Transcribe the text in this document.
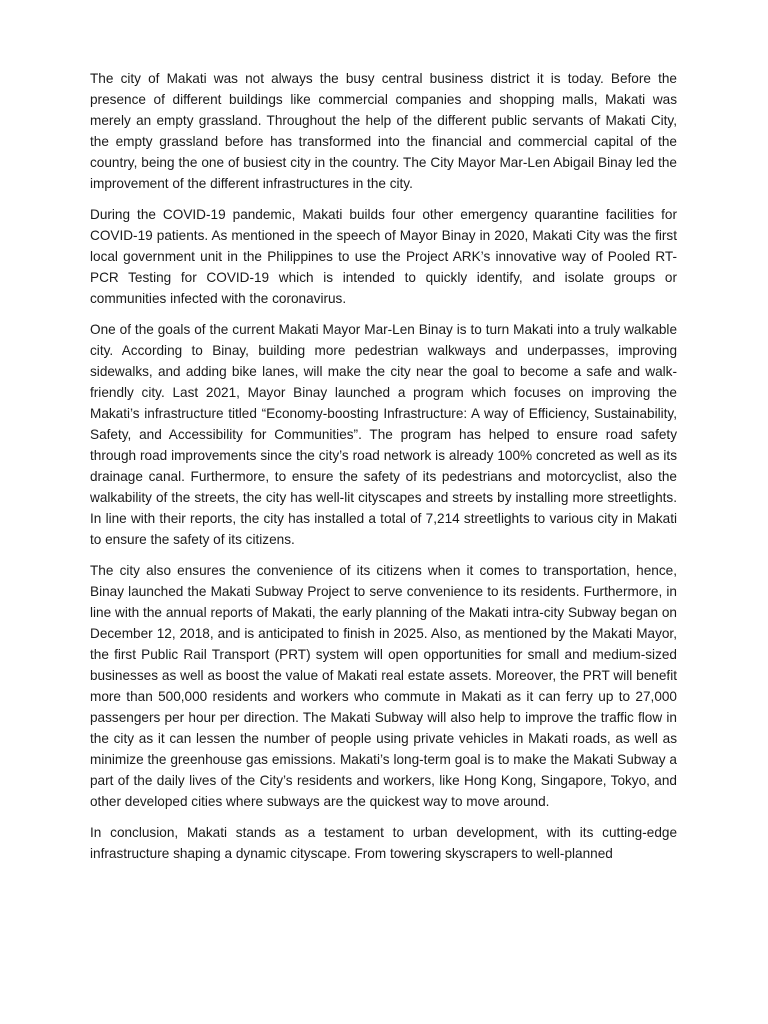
The city of Makati was not always the busy central business district it is today. Before the presence of different buildings like commercial companies and shopping malls, Makati was merely an empty grassland. Throughout the help of the different public servants of Makati City, the empty grassland before has transformed into the financial and commercial capital of the country, being the one of busiest city in the country. The City Mayor Mar-Len Abigail Binay led the improvement of the different infrastructures in the city.

During the COVID-19 pandemic, Makati builds four other emergency quarantine facilities for COVID-19 patients. As mentioned in the speech of Mayor Binay in 2020, Makati City was the first local government unit in the Philippines to use the Project ARK’s innovative way of Pooled RT-PCR Testing for COVID-19 which is intended to quickly identify, and isolate groups or communities infected with the coronavirus.

One of the goals of the current Makati Mayor Mar-Len Binay is to turn Makati into a truly walkable city. According to Binay, building more pedestrian walkways and underpasses, improving sidewalks, and adding bike lanes, will make the city near the goal to become a safe and walk-friendly city. Last 2021, Mayor Binay launched a program which focuses on improving the Makati’s infrastructure titled “Economy-boosting Infrastructure: A way of Efficiency, Sustainability, Safety, and Accessibility for Communities”. The program has helped to ensure road safety through road improvements since the city’s road network is already 100% concreted as well as its drainage canal. Furthermore, to ensure the safety of its pedestrians and motorcyclist, also the walkability of the streets, the city has well-lit cityscapes and streets by installing more streetlights. In line with their reports, the city has installed a total of 7,214 streetlights to various city in Makati to ensure the safety of its citizens.

The city also ensures the convenience of its citizens when it comes to transportation, hence, Binay launched the Makati Subway Project to serve convenience to its residents. Furthermore, in line with the annual reports of Makati, the early planning of the Makati intra-city Subway began on December 12, 2018, and is anticipated to finish in 2025. Also, as mentioned by the Makati Mayor, the first Public Rail Transport (PRT) system will open opportunities for small and medium-sized businesses as well as boost the value of Makati real estate assets. Moreover, the PRT will benefit more than 500,000 residents and workers who commute in Makati as it can ferry up to 27,000 passengers per hour per direction. The Makati Subway will also help to improve the traffic flow in the city as it can lessen the number of people using private vehicles in Makati roads, as well as minimize the greenhouse gas emissions. Makati’s long-term goal is to make the Makati Subway a part of the daily lives of the City’s residents and workers, like Hong Kong, Singapore, Tokyo, and other developed cities where subways are the quickest way to move around.

In conclusion, Makati stands as a testament to urban development, with its cutting-edge infrastructure shaping a dynamic cityscape. From towering skyscrapers to well-planned
